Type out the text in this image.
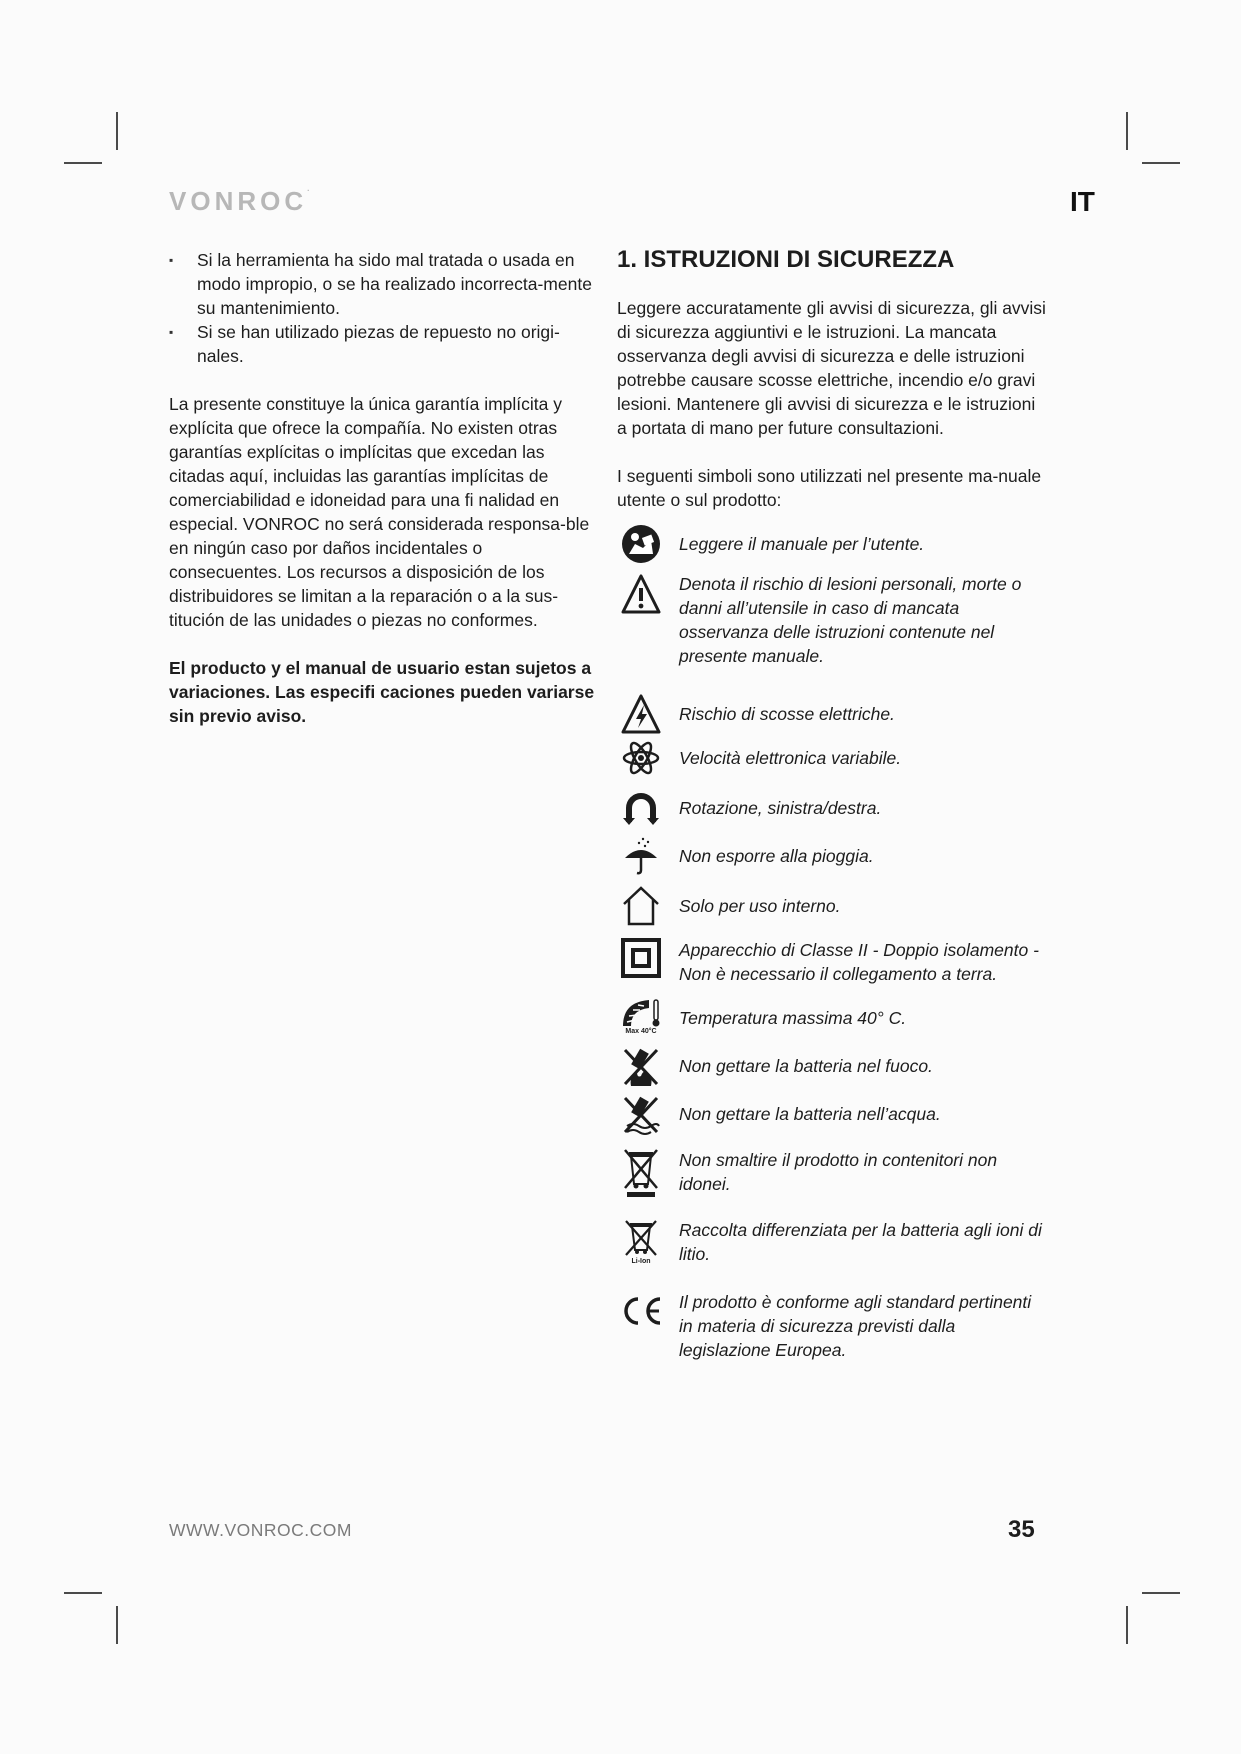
VONROC·	IT
▪ Si la herramienta ha sido mal tratada o usada en modo impropio, o se ha realizado incorrecta-mente su mantenimiento.
▪ Si se han utilizado piezas de repuesto no origi-nales.

La presente constituye la única garantía implícita y explícita que ofrece la compañía. No existen otras garantías explícitas o implícitas que excedan las citadas aquí, incluidas las garantías implícitas de comerciabilidad e idoneidad para una fi nalidad en especial. VONROC no será considerada responsa-ble en ningún caso por daños incidentales o consecuentes. Los recursos a disposición de los distribuidores se limitan a la reparación o a la sus-titución de las unidades o piezas no conformes.

El producto y el manual de usuario estan sujetos a variaciones. Las especifi caciones pueden variarse sin previo aviso.

1. ISTRUZIONI DI SICUREZZA

Leggere accuratamente gli avvisi di sicurezza, gli avvisi di sicurezza aggiuntivi e le istruzioni. La mancata osservanza degli avvisi di sicurezza e delle istruzioni potrebbe causare scosse elettriche, incendio e/o gravi lesioni. Mantenere gli avvisi di sicurezza e le istruzioni a portata di mano per future consultazioni.

I seguenti simboli sono utilizzati nel presente ma-nuale utente o sul prodotto:

Leggere il manuale per l’utente.
Denota il rischio di lesioni personali, morte o danni all’utensile in caso di mancata osservanza delle istruzioni contenute nel presente manuale.
Rischio di scosse elettriche.
Velocità elettronica variabile.
Rotazione, sinistra/destra.
Non esporre alla pioggia.
Solo per uso interno.
Apparecchio di Classe II - Doppio isolamento - Non è necessario il collegamento a terra.
Max 40°C
Temperatura massima 40° C.
Non gettare la batteria nel fuoco.
Non gettare la batteria nell’acqua.
Non smaltire il prodotto in contenitori non idonei.
Li-Ion
Raccolta differenziata per la batteria agli ioni di litio.
Il prodotto è conforme agli standard pertinenti in materia di sicurezza previsti dalla legislazione Europea.
WWW.VONROC.COM	35
